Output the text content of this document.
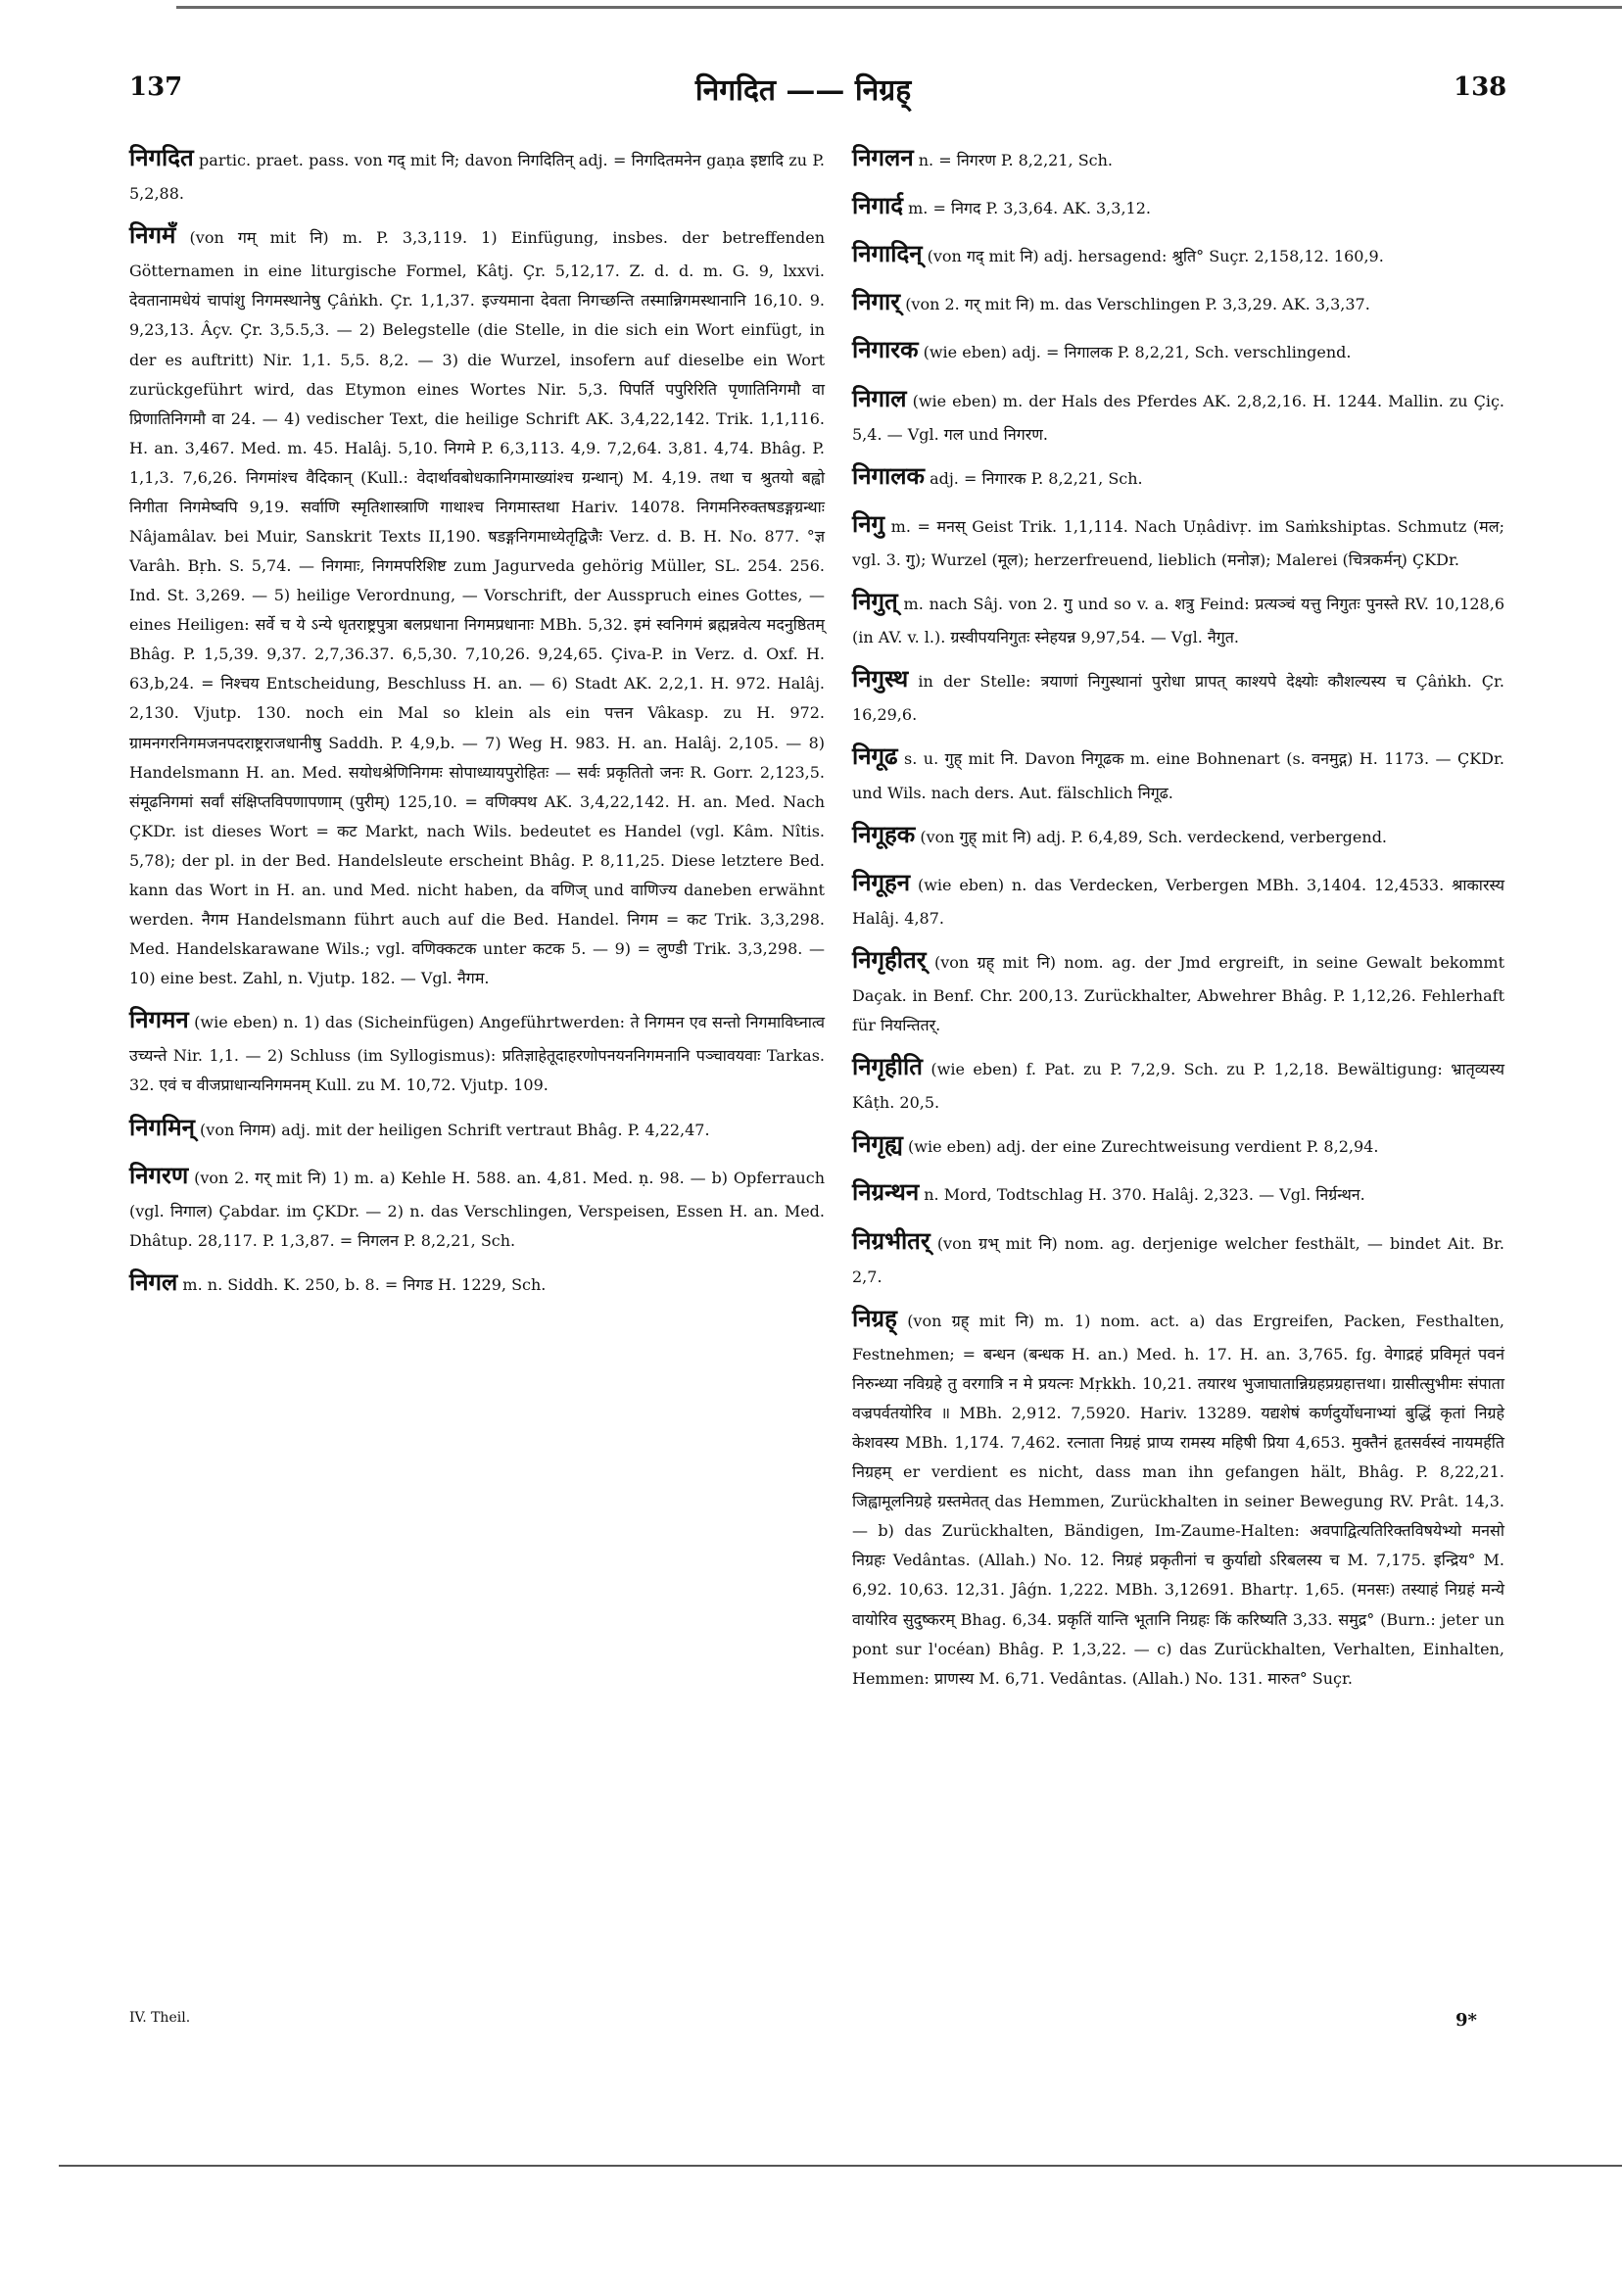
137	निगदित —— निग्रह्	138

निगदित partic. praet. pass. von गद् mit नि; davon निगदितिन् adj. = निगदितमनेन gaṇa इष्टादि zu P. 5,2,88.

निगमँ (von गम् mit नि) m. P. 3,3,119. 1) Einfügung, insbes. der betreffenden Götternamen in eine liturgische Formel, Kâtj. Çr. 5,12,17. Z. d. d. m. G. 9, lxxvi. देवतानामधेयं चापांशु निगमस्थानेषु Çâṅkh. Çr. 1,1,37. इज्यमाना देवता निगच्छन्ति तस्मान्निगमस्थानानि 16,10. 9. 9,23,13. Âçv. Çr. 3,5.5,3. — 2) Belegstelle (die Stelle, in die sich ein Wort einfügt, in der es auftritt) Nir. 1,1. 5,5. 8,2. — 3) die Wurzel, insofern auf dieselbe ein Wort zurückgeführt wird, das Etymon eines Wortes Nir. 5,3. पिपर्ति पपुरिरिति पृणातिनिगमौ वा प्रिणातिनिगमौ वा 24. — 4) vedischer Text, die heilige Schrift AK. 3,4,22,142. Trik. 1,1,116. H. an. 3,467. Med. m. 45. Halâj. 5,10. निगमे P. 6,3,113. 4,9. 7,2,64. 3,81. 4,74. Bhâg. P. 1,1,3. 7,6,26. निगमांश्च वैदिकान् (Kull.: वेदार्थावबोधकानिगमाख्यांश्च ग्रन्थान्) M. 4,19. तथा च श्रुतयो बह्वो निगीता निगमेष्वपि 9,19. सर्वाणि स्मृतिशास्त्राणि गाथाश्च निगमास्तथा Hariv. 14078. निगमनिरुक्तषडङ्गग्रन्थाः Nâjamâlav. bei Muir, Sanskrit Texts II,190. षडङ्गनिगमाध्येतृद्विजैः Verz. d. B. H. No. 877. °ज्ञ Varâh. Bṛh. S. 5,74. — निगमाः, निगमपरिशिष्ट zum Jagurveda gehörig Müller, SL. 254. 256. Ind. St. 3,269. — 5) heilige Verordnung, — Vorschrift, der Ausspruch eines Gottes, — eines Heiligen: सर्वे च ये ऽन्ये धृतराष्ट्रपुत्रा बलप्रधाना निगमप्रधानाः MBh. 5,32. इमं स्वनिगमं ब्रह्मन्नवेत्य मदनुष्ठितम् Bhâg. P. 1,5,39. 9,37. 2,7,36.37. 6,5,30. 7,10,26. 9,24,65. Çiva-P. in Verz. d. Oxf. H. 63,b,24. = निश्चय Entscheidung, Beschluss H. an. — 6) Stadt AK. 2,2,1. H. 972. Halâj. 2,130. Vjutp. 130. noch ein Mal so klein als ein पत्तन Vâkasp. zu H. 972. ग्रामनगरनिगमजनपदराष्ट्रराजधानीषु Saddh. P. 4,9,b. — 7) Weg H. 983. H. an. Halâj. 2,105. — 8) Handelsmann H. an. Med. सयोधश्रेणिनिगमः सोपाध्यायपुरोहितः — सर्वः प्रकृतितो जनः R. Gorr. 2,123,5. संमूढनिगमां सर्वां संक्षिप्तविपणापणाम् (पुरीम्) 125,10. = वणिक्पथ AK. 3,4,22,142. H. an. Med. Nach ÇKDr. ist dieses Wort = कट Markt, nach Wils. bedeutet es Handel (vgl. Kâm. Nîtis. 5,78); der pl. in der Bed. Handelsleute erscheint Bhâg. P. 8,11,25. Diese letztere Bed. kann das Wort in H. an. und Med. nicht haben, da वणिज् und वाणिज्य daneben erwähnt werden. नैगम Handelsmann führt auch auf die Bed. Handel. निगम = कट Trik. 3,3,298. Med. Handelskarawane Wils.; vgl. वणिक्कटक unter कटक 5. — 9) = लुण्डी Trik. 3,3,298. — 10) eine best. Zahl, n. Vjutp. 182. — Vgl. नैगम.

निगमन (wie eben) n. 1) das (Sicheinfügen) Angeführtwerden: ते निगमन एव सन्तो निगमाविघ्नात्व उच्यन्ते Nir. 1,1. — 2) Schluss (im Syllogismus): प्रतिज्ञाहेतूदाहरणोपनयननिगमनानि पञ्चावयवाः Tarkas. 32. एवं च वीजप्राधान्यनिगमनम् Kull. zu M. 10,72. Vjutp. 109.

निगमिन् (von निगम) adj. mit der heiligen Schrift vertraut Bhâg. P. 4,22,47.

निगरण (von 2. गर् mit नि) 1) m. a) Kehle H. 588. an. 4,81. Med. ṇ. 98. — b) Opferrauch (vgl. निगाल) Çabdar. im ÇKDr. — 2) n. das Verschlingen, Verspeisen, Essen H. an. Med. Dhâtup. 28,117. P. 1,3,87. = निगलन P. 8,2,21, Sch.

निगल m. n. Siddh. K. 250, b. 8. = निगड H. 1229, Sch.

निगलन n. = निगरण P. 8,2,21, Sch.

निगार्द m. = निगद P. 3,3,64. AK. 3,3,12.

निगादिन् (von गद् mit नि) adj. hersagend: श्रुति° Suçr. 2,158,12. 160,9.

निगार् (von 2. गर् mit नि) m. das Verschlingen P. 3,3,29. AK. 3,3,37.

निगारक (wie eben) adj. = निगालक P. 8,2,21, Sch. verschlingend.

निगाल (wie eben) m. der Hals des Pferdes AK. 2,8,2,16. H. 1244. Mallin. zu Çiç. 5,4. — Vgl. गल und निगरण.

निगालक adj. = निगारक P. 8,2,21, Sch.

निगु m. = मनस् Geist Trik. 1,1,114. Nach Uṇâdivṛ. im Saṁkshiptas. Schmutz (मल; vgl. 3. गु); Wurzel (मूल); herzerfreuend, lieblich (मनोज्ञ); Malerei (चित्रकर्मन्) ÇKDr.

निगुत् m. nach Sâj. von 2. गु und so v. a. शत्रु Feind: प्रत्यञ्चं यत्तु निगुतः पुनस्ते RV. 10,128,6 (in AV. v. l.). ग्रस्वीपयनिगुतः स्नेहयन्न 9,97,54. — Vgl. नैगुत.

निगुस्थ in der Stelle: त्रयाणां निगुस्थानां पुरोधा प्रापत् काश्यपे देक्ष्योः कौशल्यस्य च Çâṅkh. Çr. 16,29,6.

निगूढ s. u. गुह् mit नि. Davon निगूढक m. eine Bohnenart (s. वनमुद्ग) H. 1173. — ÇKDr. und Wils. nach ders. Aut. fälschlich निगूढ.

निगूहक (von गुह् mit नि) adj. P. 6,4,89, Sch. verdeckend, verbergend.

निगूहन (wie eben) n. das Verdecken, Verbergen MBh. 3,1404. 12,4533. श्राकारस्य Halâj. 4,87.

निगृहीतर् (von ग्रह् mit नि) nom. ag. der Jmd ergreift, in seine Gewalt bekommt Daçak. in Benf. Chr. 200,13. Zurückhalter, Abwehrer Bhâg. P. 1,12,26. Fehlerhaft für नियन्तितर्.

निगृहीति (wie eben) f. Pat. zu P. 7,2,9. Sch. zu P. 1,2,18. Bewältigung: भ्रातृव्यस्य Kâṭh. 20,5.

निगृह्य (wie eben) adj. der eine Zurechtweisung verdient P. 8,2,94.

निग्रन्थन n. Mord, Todtschlag H. 370. Halâj. 2,323. — Vgl. निर्ग्रन्थन.

निग्रभीतर् (von ग्रभ् mit नि) nom. ag. derjenige welcher festhält, — bindet Ait. Br. 2,7.

निग्रह् (von ग्रह् mit नि) m. 1) nom. act. a) das Ergreifen, Packen, Festhalten, Festnehmen; = बन्धन (बन्धक H. an.) Med. h. 17. H. an. 3,765. fg. वेगाद्रहं प्रविमृतं पवनं निरुन्ध्या नविग्रहे तु वरगात्रि न मे प्रयत्नः Mṛkkh. 10,21. तयारथ भुजाघातान्निग्रहप्रग्रहात्तथा। ग्रासीत्सुभीमः संपाता वज्रपर्वतयोरिव ॥ MBh. 2,912. 7,5920. Hariv. 13289. यद्यशेषं कर्णदुर्योधनाभ्यां बुद्धिं कृतां निग्रहे केशवस्य MBh. 1,174. 7,462. रत्नाता निग्रहं प्राप्य रामस्य महिषी प्रिया 4,653. मुक्तैनं हृतसर्वस्वं नायमर्हति निग्रहम् er verdient es nicht, dass man ihn gefangen hält, Bhâg. P. 8,22,21. जिह्वामूलनिग्रहे ग्रस्तमेतत् das Hemmen, Zurückhalten in seiner Bewegung RV. Prât. 14,3. — b) das Zurückhalten, Bändigen, Im-Zaume-Halten: अवपाद्वित्यतिरिक्तविषयेभ्यो मनसो निग्रहः Vedântas. (Allah.) No. 12. निग्रहं प्रकृतीनां च कुर्याद्यो ऽरिबलस्य च M. 7,175. इन्द्रिय° M. 6,92. 10,63. 12,31. Jâǵn. 1,222. MBh. 3,12691. Bhartṛ. 1,65. (मनसः) तस्याहं निग्रहं मन्ये वायोरिव सुदुष्करम् Bhag. 6,34. प्रकृतिं यान्ति भूतानि निग्रहः किं करिष्यति 3,33. समुद्र° (Burn.: jeter un pont sur l'océan) Bhâg. P. 1,3,22. — c) das Zurückhalten, Verhalten, Einhalten, Hemmen: प्राणस्य M. 6,71. Vedântas. (Allah.) No. 131. मारुत° Suçr.

IV. Theil.	9*
